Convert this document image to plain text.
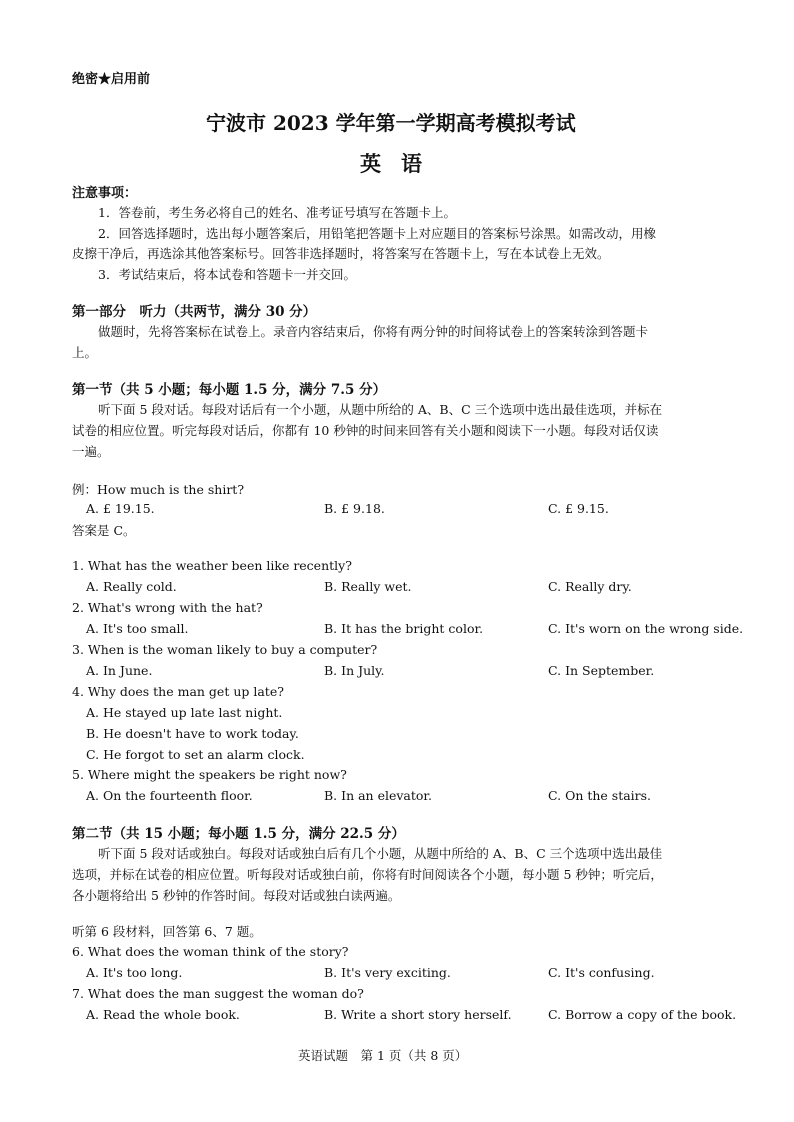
绝密★启用前
宁波市 2023 学年第一学期高考模拟考试
英语
注意事项：
1．答卷前，考生务必将自己的姓名、准考证号填写在答题卡上。
2．回答选择题时，选出每小题答案后，用铅笔把答题卡上对应题目的答案标号涂黑。如需改动，用橡
皮擦干净后，再选涂其他答案标号。回答非选择题时，将答案写在答题卡上，写在本试卷上无效。
3．考试结束后，将本试卷和答题卡一并交回。
第一部分　听力（共两节，满分 30 分）
做题时，先将答案标在试卷上。录音内容结束后，你将有两分钟的时间将试卷上的答案转涂到答题卡
上。
第一节（共 5 小题；每小题 1.5 分，满分 7.5 分）
听下面 5 段对话。每段对话后有一个小题，从题中所给的 A、B、C 三个选项中选出最佳选项，并标在
试卷的相应位置。听完每段对话后，你都有 10 秒钟的时间来回答有关小题和阅读下一小题。每段对话仅读
一遍。
例：How much is the shirt?
A. £ 19.15.	B. £ 9.18.	C. £ 9.15.
答案是 C。
1. What has the weather been like recently?
A. Really cold.	B. Really wet.	C. Really dry.
2. What's wrong with the hat?
A. It's too small.	B. It has the bright color.	C. It's worn on the wrong side.
3. When is the woman likely to buy a computer?
A. In June.	B. In July.	C. In September.
4. Why does the man get up late?
A. He stayed up late last night.
B. He doesn't have to work today.
C. He forgot to set an alarm clock.
5. Where might the speakers be right now?
A. On the fourteenth floor.	B. In an elevator.	C. On the stairs.
第二节（共 15 小题；每小题 1.5 分，满分 22.5 分）
听下面 5 段对话或独白。每段对话或独白后有几个小题，从题中所给的 A、B、C 三个选项中选出最佳
选项，并标在试卷的相应位置。听每段对话或独白前，你将有时间阅读各个小题，每小题 5 秒钟；听完后，
各小题将给出 5 秒钟的作答时间。每段对话或独白读两遍。
听第 6 段材料，回答第 6、7 题。
6. What does the woman think of the story?
A. It's too long.	B. It's very exciting.	C. It's confusing.
7. What does the man suggest the woman do?
A. Read the whole book.	B. Write a short story herself.	C. Borrow a copy of the book.
英语试题　第 1 页（共 8 页）
